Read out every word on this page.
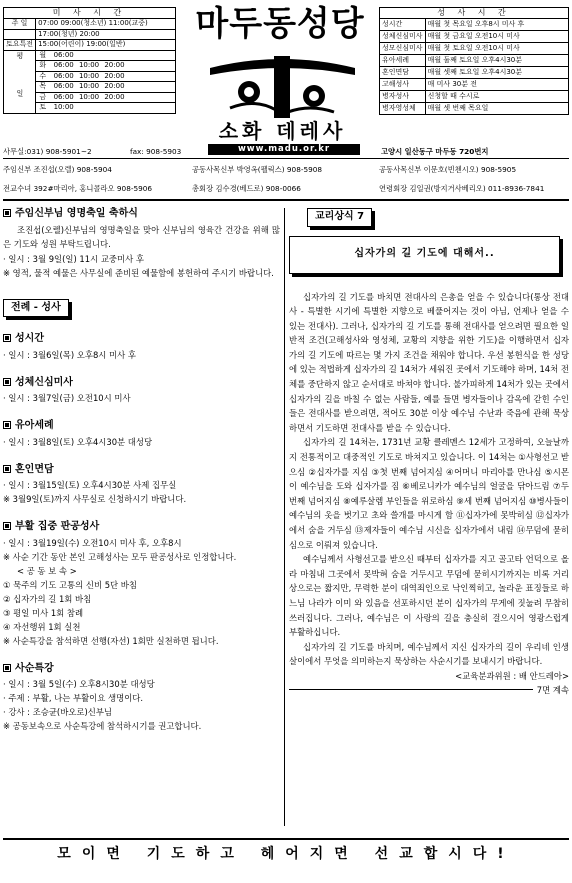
미 사 시 간		
주 일	07:00 09:00(청소년) 11:00(교중)	
	17:00(청년) 20:00	
토요특전	15:00(어린이) 19:00(일반)	
평 일	월	06:00
	화	06:00 10:00 20:00
	수	06:00 10:00 20:00
	목	06:00 10:00 20:00
	금	06:00 10:00 20:00
	토	10:00
마두동성당
소화 데레사
www.madu.or.kr
성 사 시 간	
성시간	매월 첫 목요일 오후8시 미사 후
성체신심미사	매월 첫 금요일 오전10시 미사
성모신심미사	매월 첫 토요일 오전10시 미사
유아세례	매월 둘째 토요일 오후4시30분
혼인면담	매월 셋째 토요일 오후4시30분
고해성사	매 미사 30분 전
병자성사	신청할 때 수시로
병자영성체	매월 셋 번째 목요일
사무실:031) 908-5901~2	fax: 908-5903	고양시 일산동구 마두동 720번지
주임신부 조진섭(오렐) 908-5904	공동사목신부 박영옥(펠릭스) 908-5908	공동사목신부 이문호(빈첸시오) 908-5905
전교수녀 392#마리아, 홍니콜라오 908-5906	총회장 김수경(베드로) 908-0066	연령회장 김일권(방지거사베리오) 011-8936-7841
주임신부님 영명축일 축하식
조진섭(오렐)신부님의 영명축일을 맞아 신부님의 영육간 건강을 위해 많은 기도와 성원 부탁드립니다.
· 일시 : 3월 9일(일) 11시 교중미사 후
※ 영적, 물적 예물은 사무실에 준비된 예물함에 봉헌하여 주시기 바랍니다.
전례 - 성사
성시간
· 일시 : 3월6일(목) 오후8시 미사 후
성체신심미사
· 일시 : 3월7일(금) 오전10시 미사
유아세례
· 일시 : 3월8일(토) 오후4시30분 대성당
혼인면담
· 일시 : 3월15일(토) 오후4시30분 사제 집무실
※ 3월9일(토)까지 사무실로 신청하시기 바랍니다.
부활 집중 판공성사
· 일시 : 3월19일(수) 오전10시 미사 후, 오후8시
※ 사순 기간 동안 본인 고해성사는 모두 판공성사로 인정합니다.
< 공 동 보 속 >
① 묵주의 기도 고통의 신비 5단 바침
② 십자가의 길 1회 바침
③ 평일 미사 1회 참례
④ 자선행위 1회 실천
※ 사순특강을 참석하면 선행(자선) 1회만 실천하면 됩니다.
사순특강
· 일시 : 3월 5일(수) 오후8시30분 대성당
· 주제 : 부활, 나는 부활이요 생명이다.
· 강사 : 조승균(바오로)신부님
※ 공동보속으로 사순특강에 참석하시기를 권고합니다.
교리상식 7
십자가의 길 기도에 대해서..
십자가의 길 기도를 바치면 전대사의 은총을 얻을 수 있습니다(통상 전대사 - 특별한 시기에 특별한 지향으로 베풀어지는 것이 아님, 언제나 얻을 수 있는 전대사). 그러나, 십자가의 길 기도를 통해 전대사를 얻으려면 필요한 일반적 조건(고해성사와 영성체, 교황의 지향을 위한 기도)을 이행하면서 십자가의 길 기도에 따르는 몇 가지 조건을 채워야 합니다. 우선 봉헌식을 한 성당에 있는 적법하게 십자가의 길 14처가 세워진 곳에서 기도해야 하며, 14처 전체를 중단하지 않고 순서대로 바쳐야 합니다. 불가피하게 14처가 있는 곳에서 십자가의 길을 바칠 수 없는 사람들, 예를 들면 병자들이나 감옥에 갇힌 수인들은 전대사를 받으려면, 적어도 30분 이상 예수님 수난과 죽음에 관해 묵상하면서 기도하면 전대사를 받을 수 있습니다.
십자가의 길 14처는, 1731년 교황 클레멘스 12세가 고정하여, 오늘날까지 전통적이고 대중적인 기도로 바쳐지고 있습니다. 이 14처는 ①사형선고 받으심 ②십자가를 지심 ③첫 번째 넘어지심 ④어머니 마리아를 만나심 ⑤시몬이 예수님을 도와 십자가를 짐 ⑥베로니카가 예수님의 얼굴을 닦아드림 ⑦두 번째 넘어지심 ⑧예루살렘 부인들을 위로하심 ⑨세 번째 넘어지심 ⑩병사들이 예수님의 옷을 벗기고 초와 쓸개를 마시게 함 ⑪십자가에 못박히심 ⑫십자가에서 숨을 거두심 ⑬제자들이 예수님 시신을 십자가에서 내림 ⑭무덤에 묻히심으로 이뤄져 있습니다.
예수님께서 사형선고를 받으신 때부터 십자가를 지고 골고타 언덕으로 올라 마침내 그곳에서 못박혀 숨을 거두시고 무덤에 묻히시기까지는 비록 거리상으로는 짧지만, 무력한 분이 대역죄인으로 낙인찍히고, 놀라운 표징들로 하느님 나라가 이미 와 있음을 선포하시던 분이 십자가의 무게에 짓눌려 무참히 쓰러집니다. 그러나, 예수님은 이 사랑의 길을 충실히 걸으시어 영광스럽게 부활하십니다.
십자가의 길 기도를 바치며, 예수님께서 지신 십자가의 길이 우리네 인생살이에서 무엇을 의미하는지 묵상하는 사순시기를 보내시기 바랍니다.
<교육분과위원 : 배 안드레아>
7면 계속
모이면 기도하고 헤어지면 선교합시다!
